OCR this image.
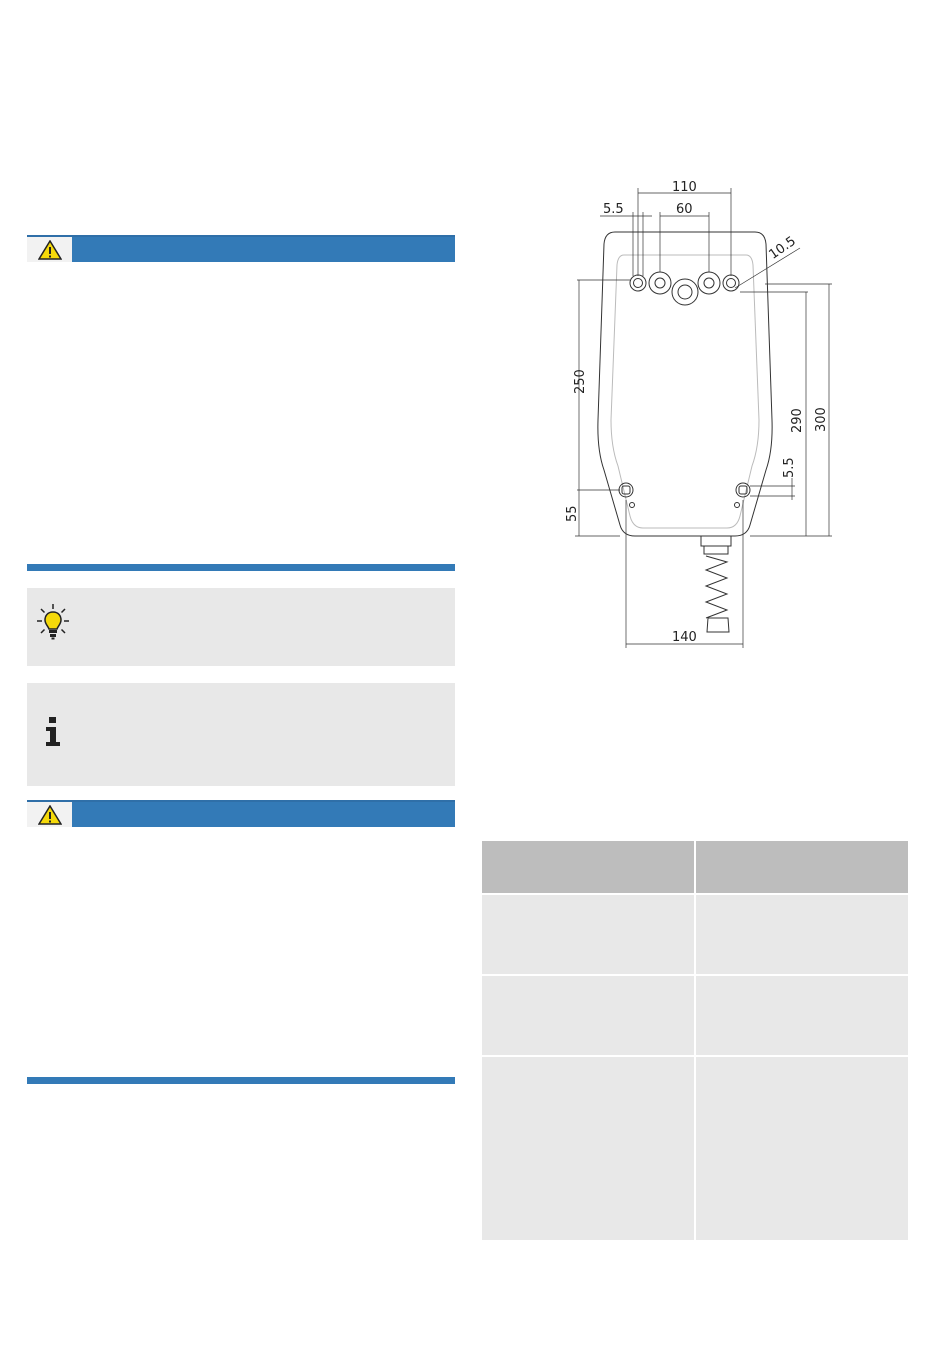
110
60
5.5
10.5
250
55
290 300
5.5
140
